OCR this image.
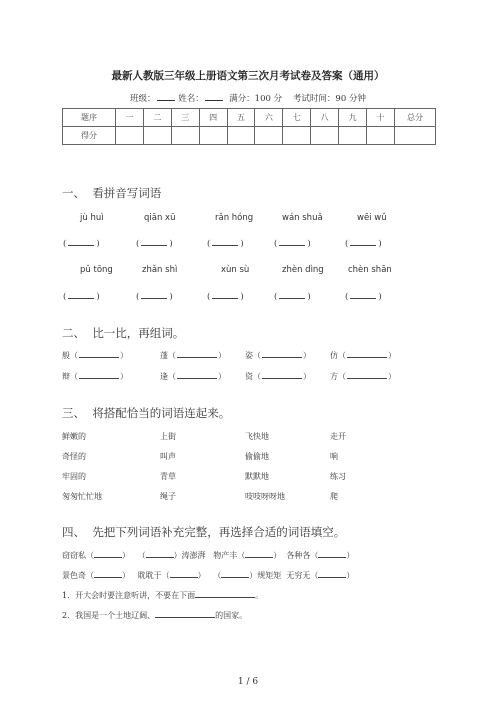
最新人教版三年级上册语文第三次月考试卷及答案（通用）
班级：	姓名：	满分：100 分 考试时间：90 分钟
题序	一	二	三	四	五	六	七	八	九	十	总分
得分											
一、 看拼音写词语
jù huì	qiān xū	rǎn hóng	wán shuǎ	wēi wǔ
(	)	(	)	(	)	(	)	(	)
pǔ tōng	zhǎn shì	xùn sù	zhèn dìng	chèn shān
(	)	(	)	(	)	(	)	(	)
二、 比一比，再组词。
般（	）	蓬（	） 姿（	） 仿（	）
辩（	）	逢（	） 资（	） 方（	）
三、 将搭配恰当的词语连起来。
鲜嫩的	上街	飞快地	走开
奇怪的	叫声	偷偷地	响
牢固的	青草	默默地	练习
匆匆忙忙地	绳子	吱吱呀呀地	爬
四、 先把下列词语补充完整，再选择合适的词语填空。
窃窃私（	）   （	）涛澎湃 物产丰（	）  各种各（	）
景色奇（	）   耽耽于（	）   （	）规矩矩 无穷无（	）
1．开大会时要注意听讲，不要在下面	。
2．我国是一个土地辽阔、	的国家。
1 / 6
